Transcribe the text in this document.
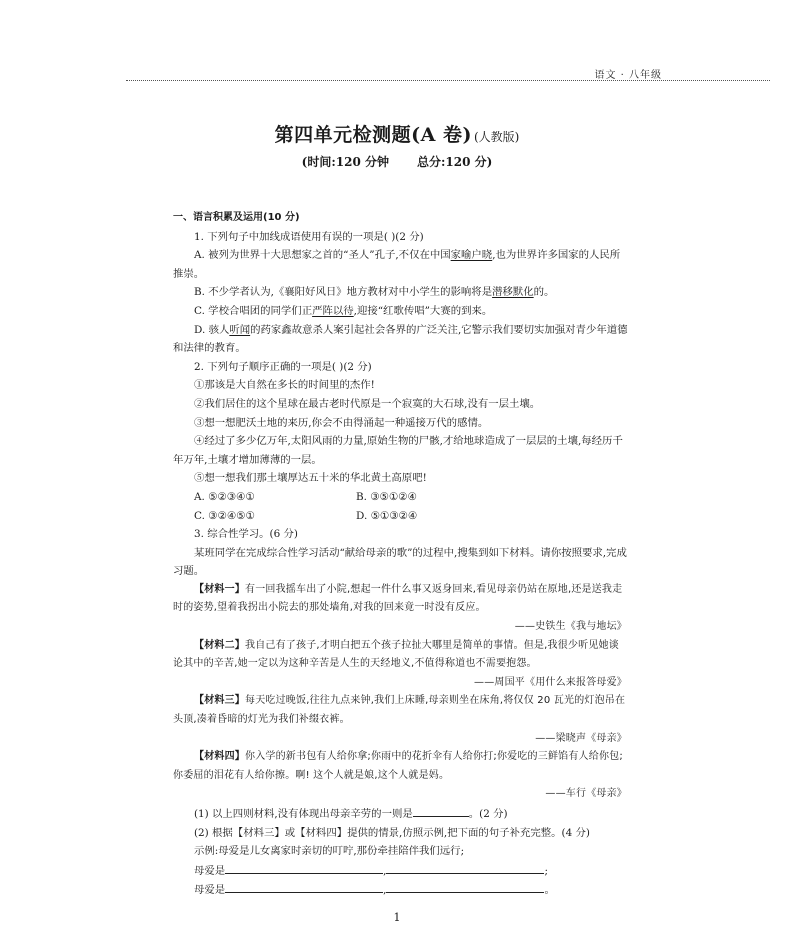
语文 · 八年级
第四单元检测题(A 卷) (人教版)
(时间:120 分钟 总分:120 分)

一、语言积累及运用(10 分)

1. 下列句子中加线成语使用有误的一项是( )(2 分)

A. 被列为世界十大思想家之首的“圣人”孔子,不仅在中国家喻户晓,也为世界许多国家的人民所推崇。

B. 不少学者认为,《襄阳好风日》地方教材对中小学生的影响将是潜移默化的。

C. 学校合唱团的同学们正严阵以待,迎接“红歌传唱”大赛的到来。

D. 骇人听闻的药家鑫故意杀人案引起社会各界的广泛关注,它警示我们要切实加强对青少年道德和法律的教育。

2. 下列句子顺序正确的一项是( )(2 分)

①那该是大自然在多长的时间里的杰作!

②我们居住的这个星球在最古老时代原是一个寂寞的大石球,没有一层土壤。

③想一想肥沃土地的来历,你会不由得涌起一种遥接万代的感情。

④经过了多少亿万年,太阳风雨的力量,原始生物的尸骸,才给地球造成了一层层的土壤,每经历千年万年,土壤才增加薄薄的一层。

⑤想一想我们那土壤厚达五十米的华北黄土高原吧!

A. ⑤②③④①	B. ③⑤①②④
C. ③②④⑤①	D. ⑤①③②④

3. 综合性学习。(6 分)

某班同学在完成综合性学习活动“献给母亲的歌”的过程中,搜集到如下材料。请你按照要求,完成习题。

【材料一】有一回我摇车出了小院,想起一件什么事又返身回来,看见母亲仍站在原地,还是送我走时的姿势,望着我拐出小院去的那处墙角,对我的回来竟一时没有反应。

——史铁生《我与地坛》

【材料二】我自己有了孩子,才明白把五个孩子拉扯大哪里是简单的事情。但是,我很少听见她谈论其中的辛苦,她一定以为这种辛苦是人生的天经地义,不值得称道也不需要抱怨。

——周国平《用什么来报答母爱》

【材料三】每天吃过晚饭,往往九点来钟,我们上床睡,母亲则坐在床角,将仅仅 20 瓦光的灯泡吊在头顶,凑着昏暗的灯光为我们补缀衣裤。

——梁晓声《母亲》

【材料四】你入学的新书包有人给你拿;你雨中的花折伞有人给你打;你爱吃的三鲜馅有人给你包;你委屈的泪花有人给你擦。啊! 这个人就是娘,这个人就是妈。

——车行《母亲》

(1) 以上四则材料,没有体现出母亲辛劳的一则是	。(2 分)

(2) 根据【材料三】或【材料四】提供的情景,仿照示例,把下面的句子补充完整。(4 分)

示例:母爱是儿女离家时亲切的叮咛,那份牵挂陪伴我们远行;

母爱是	,	;

母爱是	,	。

1
